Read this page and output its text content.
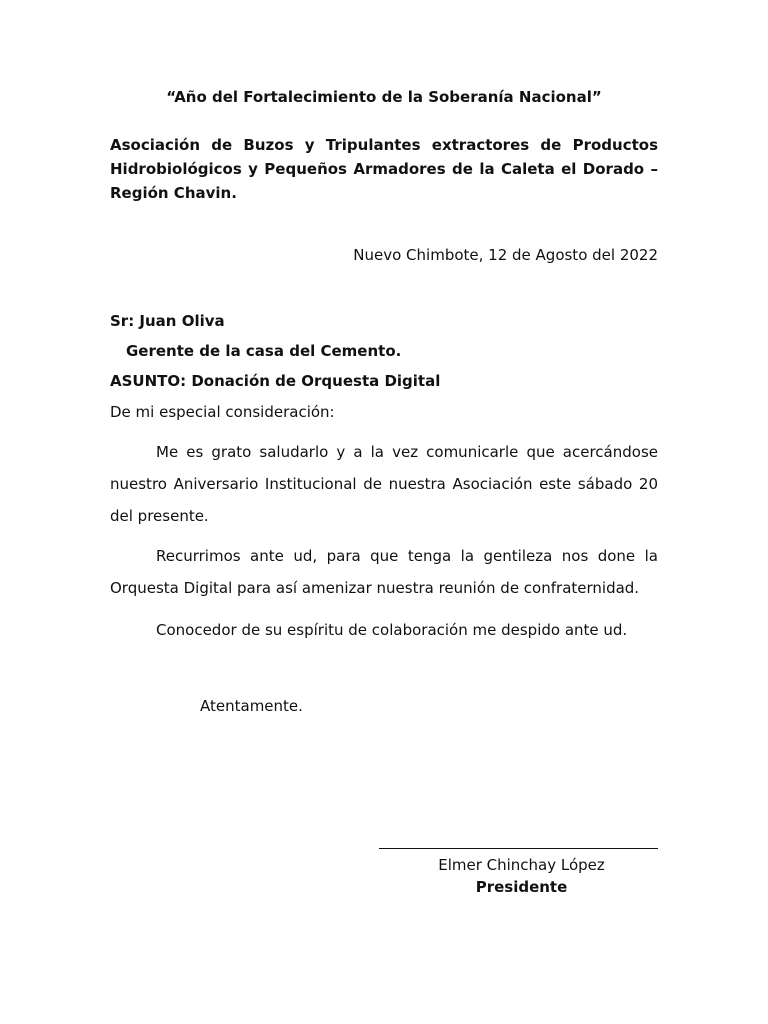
“Año del Fortalecimiento de la Soberanía Nacional”

Asociación de Buzos y Tripulantes extractores de Productos Hidrobiológicos y Pequeños Armadores de la Caleta el Dorado – Región Chavin.

Nuevo Chimbote, 12 de Agosto del 2022

Sr: Juan Oliva

Gerente de la casa del Cemento.

ASUNTO: Donación de Orquesta Digital

De mi especial consideración:

Me es grato saludarlo y a la vez comunicarle que acercándose nuestro Aniversario Institucional de nuestra Asociación este sábado 20 del presente.

Recurrimos ante ud, para que tenga la gentileza nos done la Orquesta Digital para así amenizar nuestra reunión de confraternidad.

Conocedor de su espíritu de colaboración me despido ante ud.

Atentamente.

Elmer Chinchay López
Presidente
